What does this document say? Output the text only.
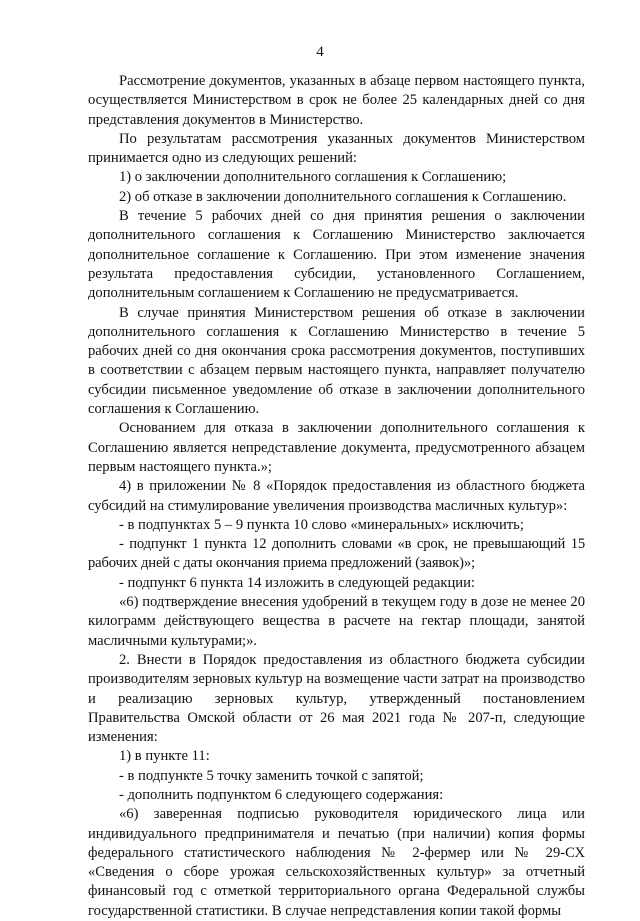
4

Рассмотрение документов, указанных в абзаце первом настоящего пункта, осуществляется Министерством в срок не более 25 календарных дней со дня представления документов в Министерство.

По результатам рассмотрения указанных документов Министерством принимается одно из следующих решений:

1) о заключении дополнительного соглашения к Соглашению;

2) об отказе в заключении дополнительного соглашения к Соглашению.

В течение 5 рабочих дней со дня принятия решения о заключении дополнительного соглашения к Соглашению Министерство заключается дополнительное соглашение к Соглашению. При этом изменение значения результата предоставления субсидии, установленного Соглашением, дополнительным соглашением к Соглашению не предусматривается.

В случае принятия Министерством решения об отказе в заключении дополнительного соглашения к Соглашению Министерство в течение 5 рабочих дней со дня окончания срока рассмотрения документов, поступивших в соответствии с абзацем первым настоящего пункта, направляет получателю субсидии письменное уведомление об отказе в заключении дополнительного соглашения к Соглашению.

Основанием для отказа в заключении дополнительного соглашения к Соглашению является непредставление документа, предусмотренного абзацем первым настоящего пункта.»;

4) в приложении № 8 «Порядок предоставления из областного бюджета субсидий на стимулирование увеличения производства масличных культур»:

- в подпунктах 5 – 9 пункта 10 слово «минеральных» исключить;

- подпункт 1 пункта 12 дополнить словами «в срок, не превышающий 15 рабочих дней с даты окончания приема предложений (заявок)»;

- подпункт 6 пункта 14 изложить в следующей редакции:

«6) подтверждение внесения удобрений в текущем году в дозе не менее 20 килограмм действующего вещества в расчете на гектар площади, занятой масличными культурами;».

2. Внести в Порядок предоставления из областного бюджета субсидии производителям зерновых культур на возмещение части затрат на производство и реализацию зерновых культур, утвержденный постановлением Правительства Омской области от 26 мая 2021 года № 207-п, следующие изменения:

1) в пункте 11:

- в подпункте 5 точку заменить точкой с запятой;

- дополнить подпунктом 6 следующего содержания:

«6) заверенная подписью руководителя юридического лица или индивидуального предпринимателя и печатью (при наличии) копия формы федерального статистического наблюдения № 2-фермер или № 29-СХ «Сведения о сборе урожая сельскохозяйственных культур» за отчетный финансовый год с отметкой территориального органа Федеральной службы государственной статистики. В случае непредставления копии такой формы
